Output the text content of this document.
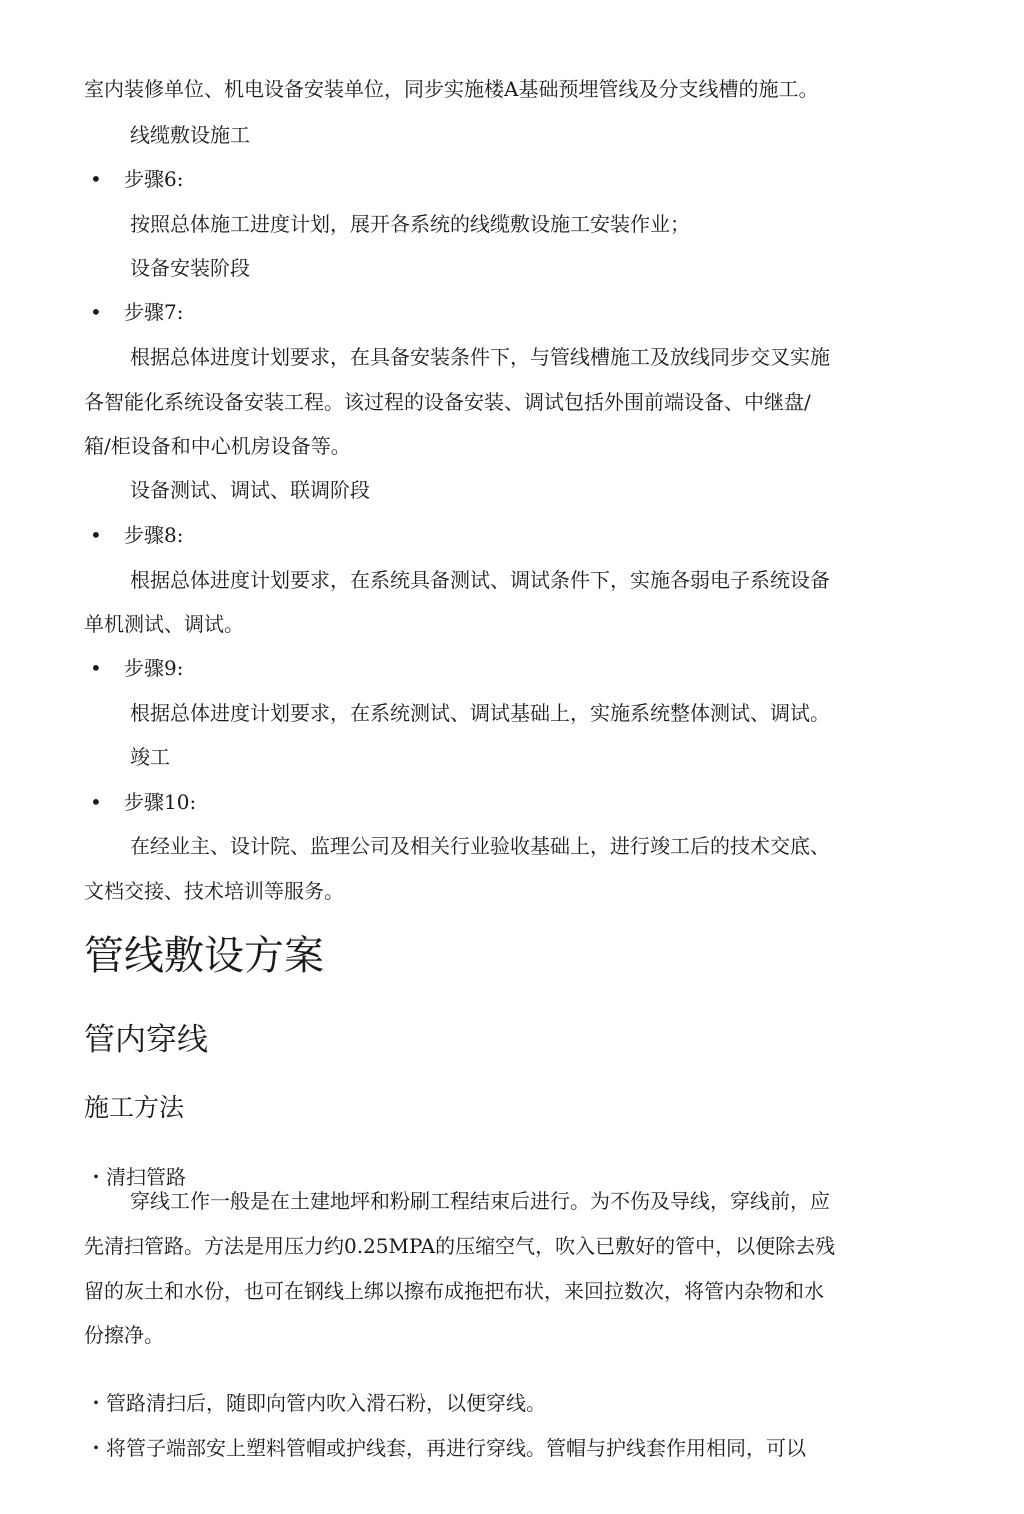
室内装修单位、机电设备安装单位，同步实施楼A基础预埋管线及分支线槽的施工。

线缆敷设施工

• 步骤6:

按照总体施工进度计划，展开各系统的线缆敷设施工安装作业；

设备安装阶段

• 步骤7:

根据总体进度计划要求，在具备安装条件下，与管线槽施工及放线同步交叉实施

各智能化系统设备安装工程。该过程的设备安装、调试包括外围前端设备、中继盘/

箱/柜设备和中心机房设备等。

设备测试、调试、联调阶段

• 步骤8:

根据总体进度计划要求，在系统具备测试、调试条件下，实施各弱电子系统设备

单机测试、调试。

• 步骤9:

根据总体进度计划要求，在系统测试、调试基础上，实施系统整体测试、调试。

竣工

• 步骤10:

在经业主、设计院、监理公司及相关行业验收基础上，进行竣工后的技术交底、

文档交接、技术培训等服务。

管线敷设方案
管内穿线
施工方法

・清扫管路

穿线工作一般是在土建地坪和粉刷工程结束后进行。为不伤及导线，穿线前，应

先清扫管路。方法是用压力约0.25MPA的压缩空气，吹入已敷好的管中，以便除去残

留的灰土和水份，也可在钢线上绑以擦布成拖把布状，来回拉数次，将管内杂物和水

份擦净。

・管路清扫后，随即向管内吹入滑石粉，以便穿线。

・将管子端部安上塑料管帽或护线套，再进行穿线。管帽与护线套作用相同，可以
